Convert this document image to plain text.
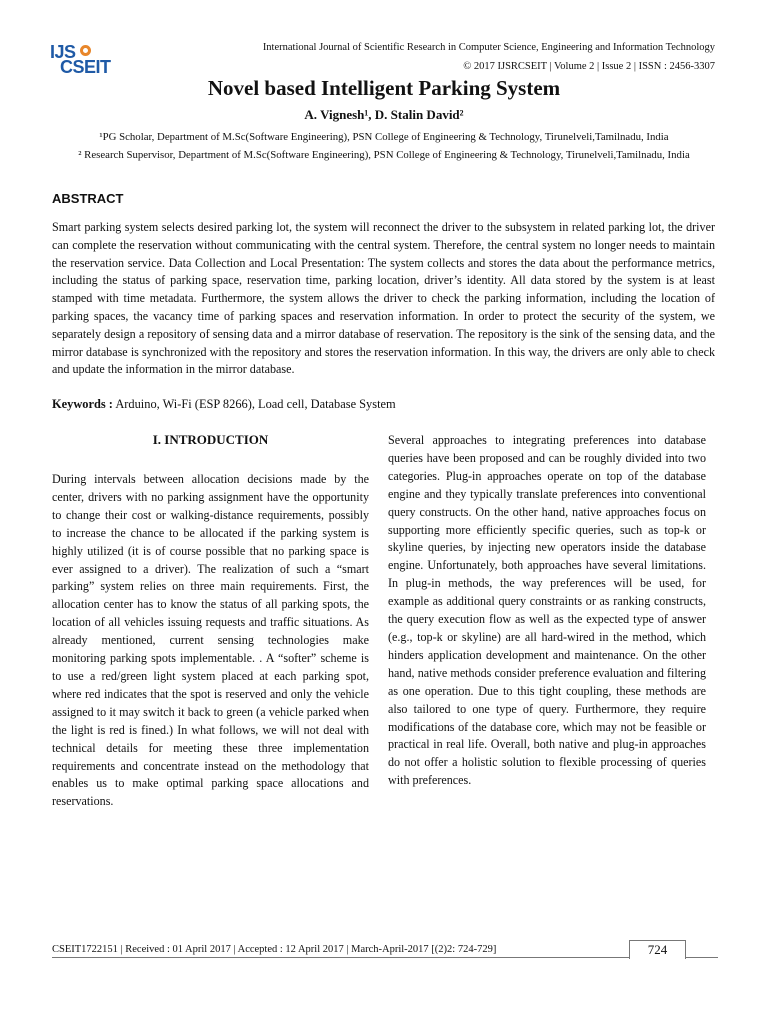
IJS
CSEIT
International Journal of Scientific Research in Computer Science, Engineering and Information Technology
© 2017 IJSRCSEIT | Volume 2 | Issue 2 | ISSN : 2456-3307
Novel based Intelligent Parking System
A. Vignesh¹, D. Stalin David²
¹PG Scholar, Department of M.Sc(Software Engineering), PSN College of Engineering & Technology, Tirunelveli,Tamilnadu, India
² Research Supervisor, Department of M.Sc(Software Engineering), PSN College of Engineering & Technology, Tirunelveli,Tamilnadu, India
ABSTRACT

Smart parking system selects desired parking lot, the system will reconnect the driver to the subsystem in related parking lot, the driver can complete the reservation without communicating with the central system. Therefore, the central system no longer needs to maintain the reservation service. Data Collection and Local Presentation: The system collects and stores the data about the performance metrics, including the status of parking space, reservation time, parking location, driver’s identity. All data stored by the system is at least stamped with time metadata. Furthermore, the system allows the driver to check the parking information, including the location of parking spaces, the vacancy time of parking spaces and reservation information. In order to protect the security of the system, we separately design a repository of sensing data and a mirror database of reservation. The repository is the sink of the sensing data, and the mirror database is synchronized with the repository and stores the reservation information. In this way, the drivers are only able to check and update the information in the mirror database.

Keywords : Arduino, Wi-Fi (ESP 8266), Load cell, Database System
I. INTRODUCTION

During intervals between allocation decisions made by the center, drivers with no parking assignment have the opportunity to change their cost or walking-distance requirements, possibly to increase the chance to be allocated if the parking system is highly utilized (it is of course possible that no parking space is ever assigned to a driver). The realization of such a “smart parking” system relies on three main requirements. First, the allocation center has to know the status of all parking spots, the location of all vehicles issuing requests and traffic situations. As already mentioned, current sensing technologies make monitoring parking spots implementable. . A “softer” scheme is to use a red/green light system placed at each parking spot, where red indicates that the spot is reserved and only the vehicle assigned to it may switch it back to green (a vehicle parked when the light is red is fined.) In what follows, we will not deal with technical details for meeting these three implementation requirements and concentrate instead on the methodology that enables us to make optimal parking space allocations and reservations.

Several approaches to integrating preferences into database queries have been proposed and can be roughly divided into two categories. Plug-in approaches operate on top of the database engine and they typically translate preferences into conventional query constructs. On the other hand, native approaches focus on supporting more efficiently specific queries, such as top-k or skyline queries, by injecting new operators inside the database engine. Unfortunately, both approaches have several limitations. In plug-in methods, the way preferences will be used, for example as additional query constraints or as ranking constructs, the query execution flow as well as the expected type of answer (e.g., top-k or skyline) are all hard-wired in the method, which hinders application development and maintenance. On the other hand, native methods consider preference evaluation and filtering as one operation. Due to this tight coupling, these methods are also tailored to one type of query. Furthermore, they require modifications of the database core, which may not be feasible or practical in real life. Overall, both native and plug-in approaches do not offer a holistic solution to flexible processing of queries with preferences.

CSEIT1722151 | Received : 01 April 2017 | Accepted : 12 April 2017 | March-April-2017 [(2)2: 724-729]	724
